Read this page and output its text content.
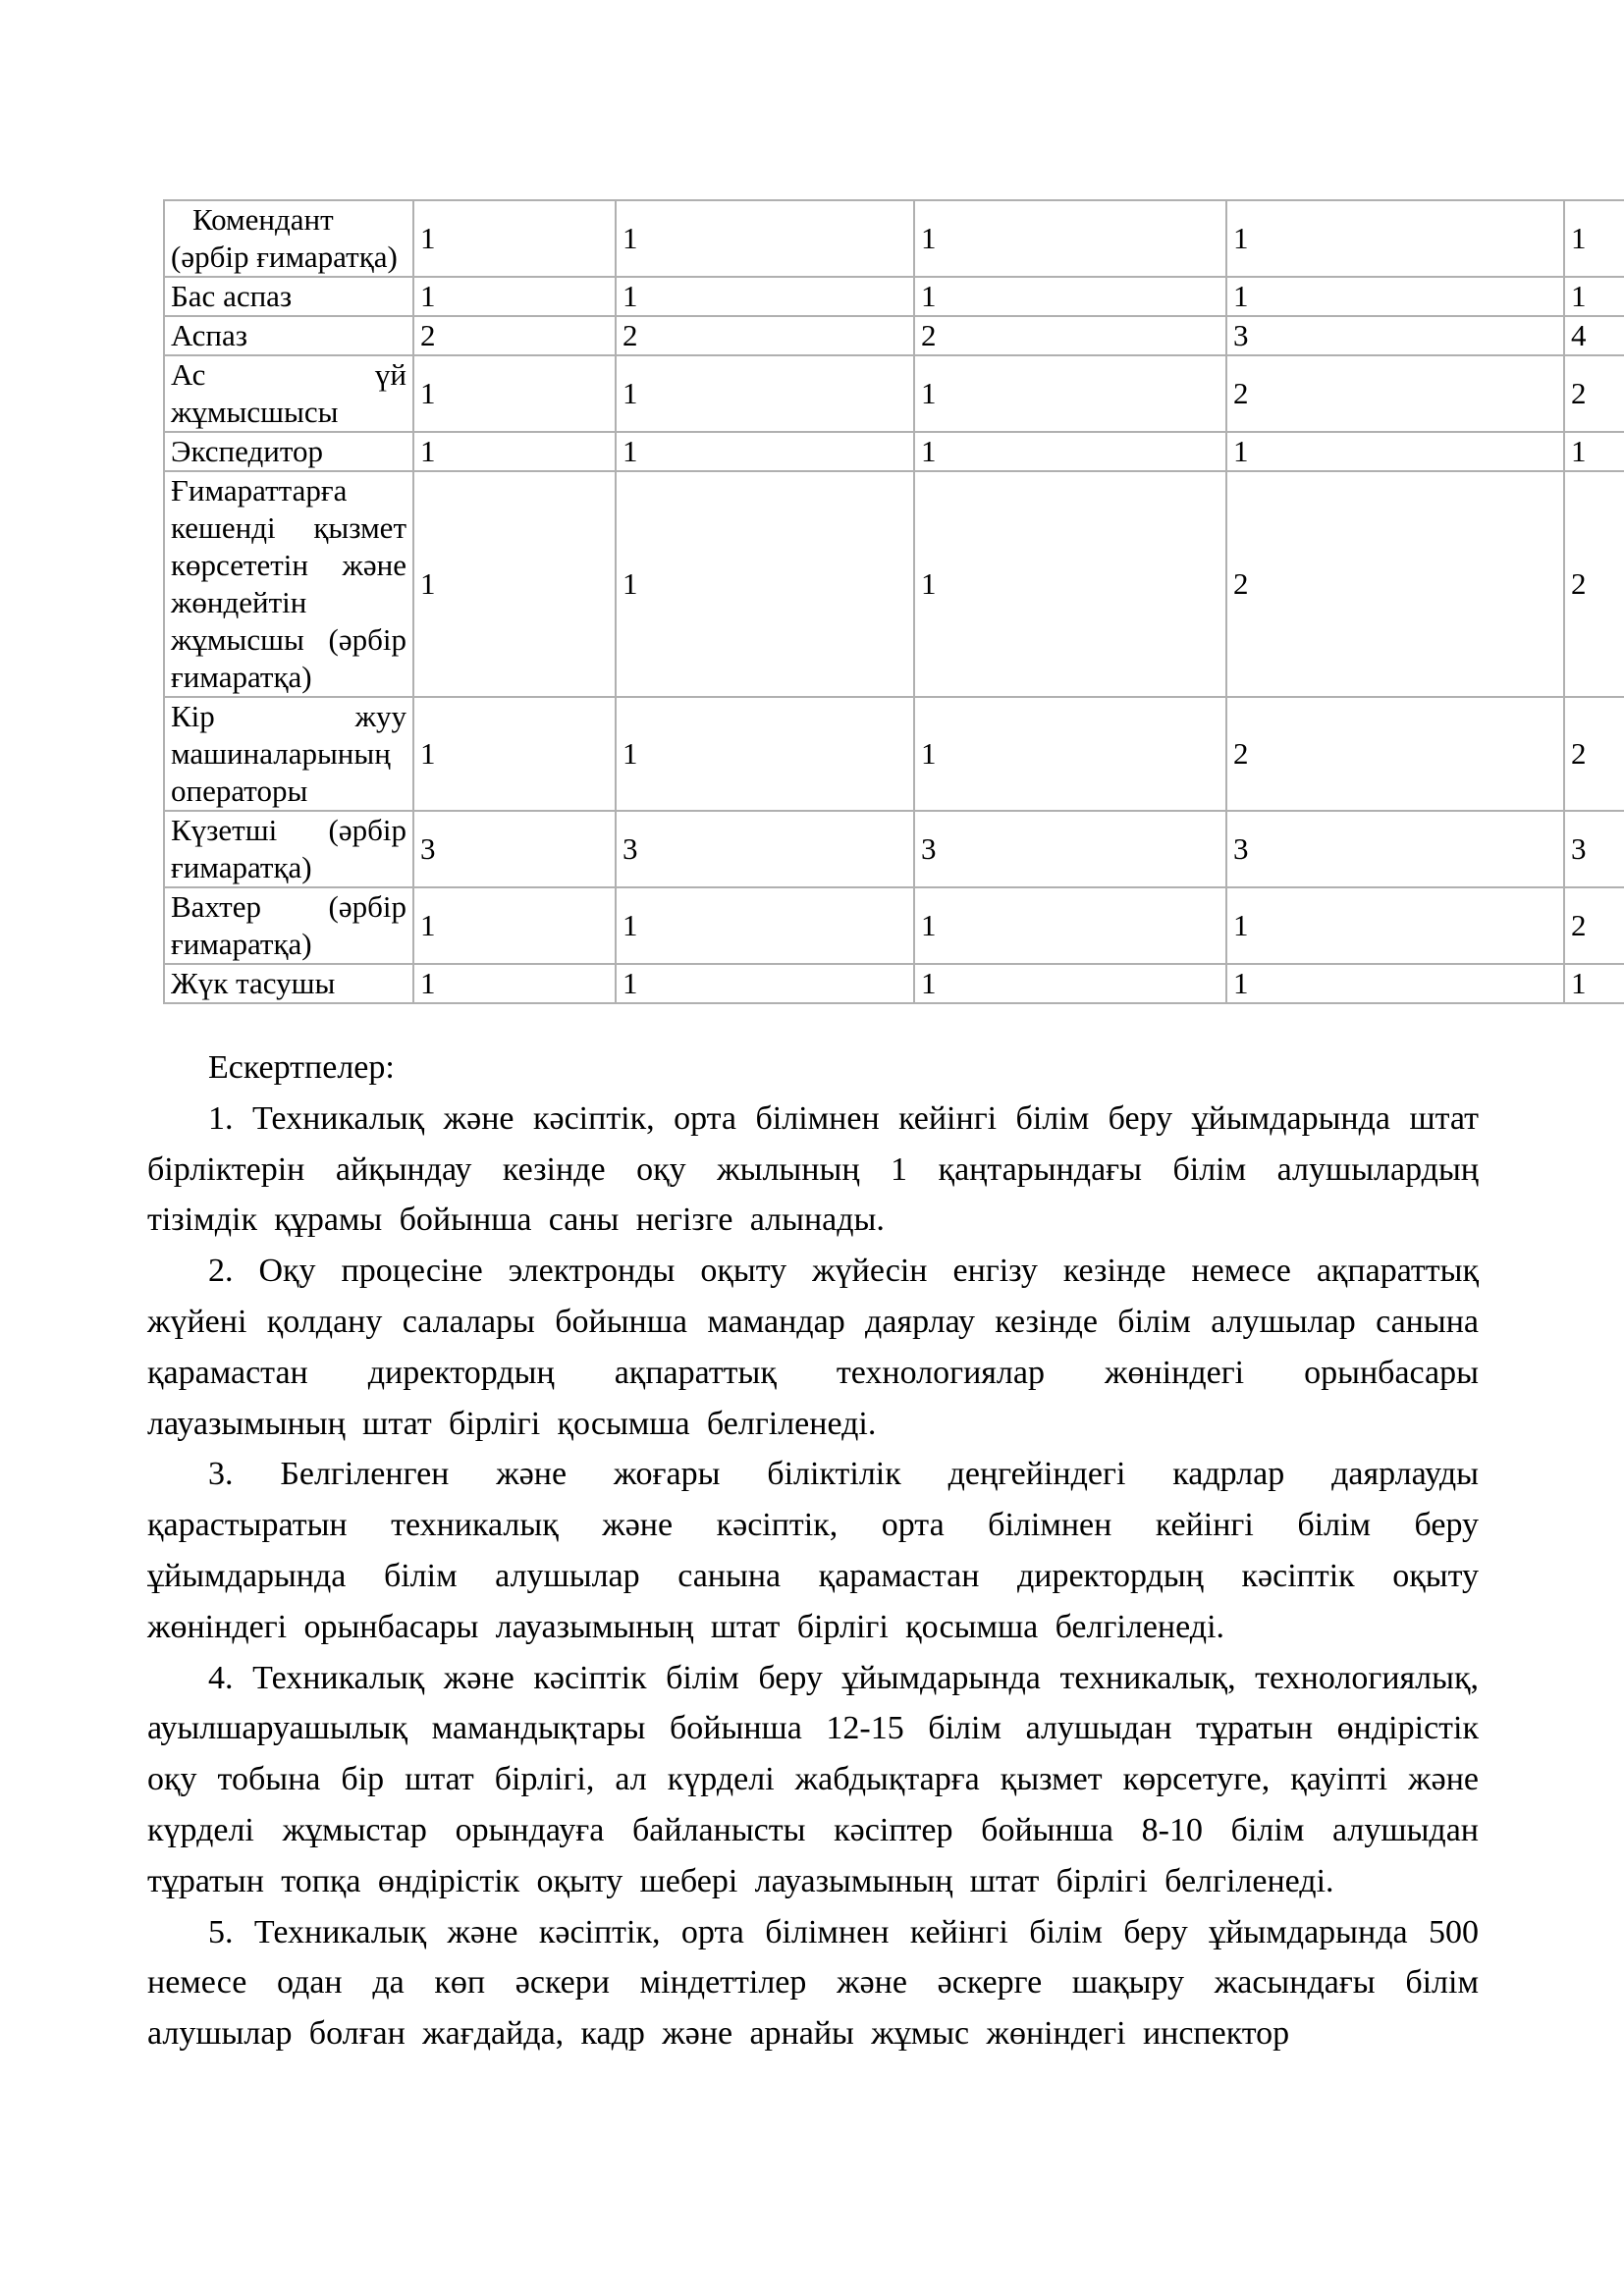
Комендант (әрбір ғимаратқа)	1	1	1	1	1
Бас аспаз	1	1	1	1	1
Аспаз	2	2	2	3	4
Ас үй жұмысшысы	1	1	1	2	2
Экспедитор	1	1	1	1	1
Ғимараттарға кешенді қызмет көрсететін және жөндейтін жұмысшы (әрбір ғимаратқа)	1	1	1	2	2
Кір жуу машиналарының операторы	1	1	1	2	2
Күзетші (әрбір ғимаратқа)	3	3	3	3	3
Вахтер (әрбір ғимаратқа)	1	1	1	1	2
Жүк тасушы	1	1	1	1	1

Ескертпелер:

1. Техникалық және кәсіптік, орта білімнен кейінгі білім беру ұйымдарында штат бірліктерін айқындау кезінде оқу жылының 1 қаңтарындағы білім алушылардың тізімдік құрамы бойынша саны негізге алынады.

2. Оқу процесіне электронды оқыту жүйесін енгізу кезінде немесе ақпараттық жүйені қолдану салалары бойынша мамандар даярлау кезінде білім алушылар санына қарамастан директордың ақпараттық технологиялар жөніндегі орынбасары лауазымының штат бірлігі қосымша белгіленеді.

3. Белгіленген және жоғары біліктілік деңгейіндегі кадрлар даярлауды қарастыратын техникалық және кәсіптік, орта білімнен кейінгі білім беру ұйымдарында білім алушылар санына қарамастан директордың кәсіптік оқыту жөніндегі орынбасары лауазымының штат бірлігі қосымша белгіленеді.

4. Техникалық және кәсіптік білім беру ұйымдарында техникалық, технологиялық, ауылшаруашылық мамандықтары бойынша 12-15 білім алушыдан тұратын өндірістік оқу тобына бір штат бірлігі, ал күрделі жабдықтарға қызмет көрсетуге, қауіпті және күрделі жұмыстар орындауға байланысты кәсіптер бойынша 8-10 білім алушыдан тұратын топқа өндірістік оқыту шебері лауазымының штат бірлігі белгіленеді.

5. Техникалық және кәсіптік, орта білімнен кейінгі білім беру ұйымдарында 500 немесе одан да көп әскери міндеттілер және әскерге шақыру жасындағы білім алушылар болған жағдайда, кадр және арнайы жұмыс жөніндегі инспектор
